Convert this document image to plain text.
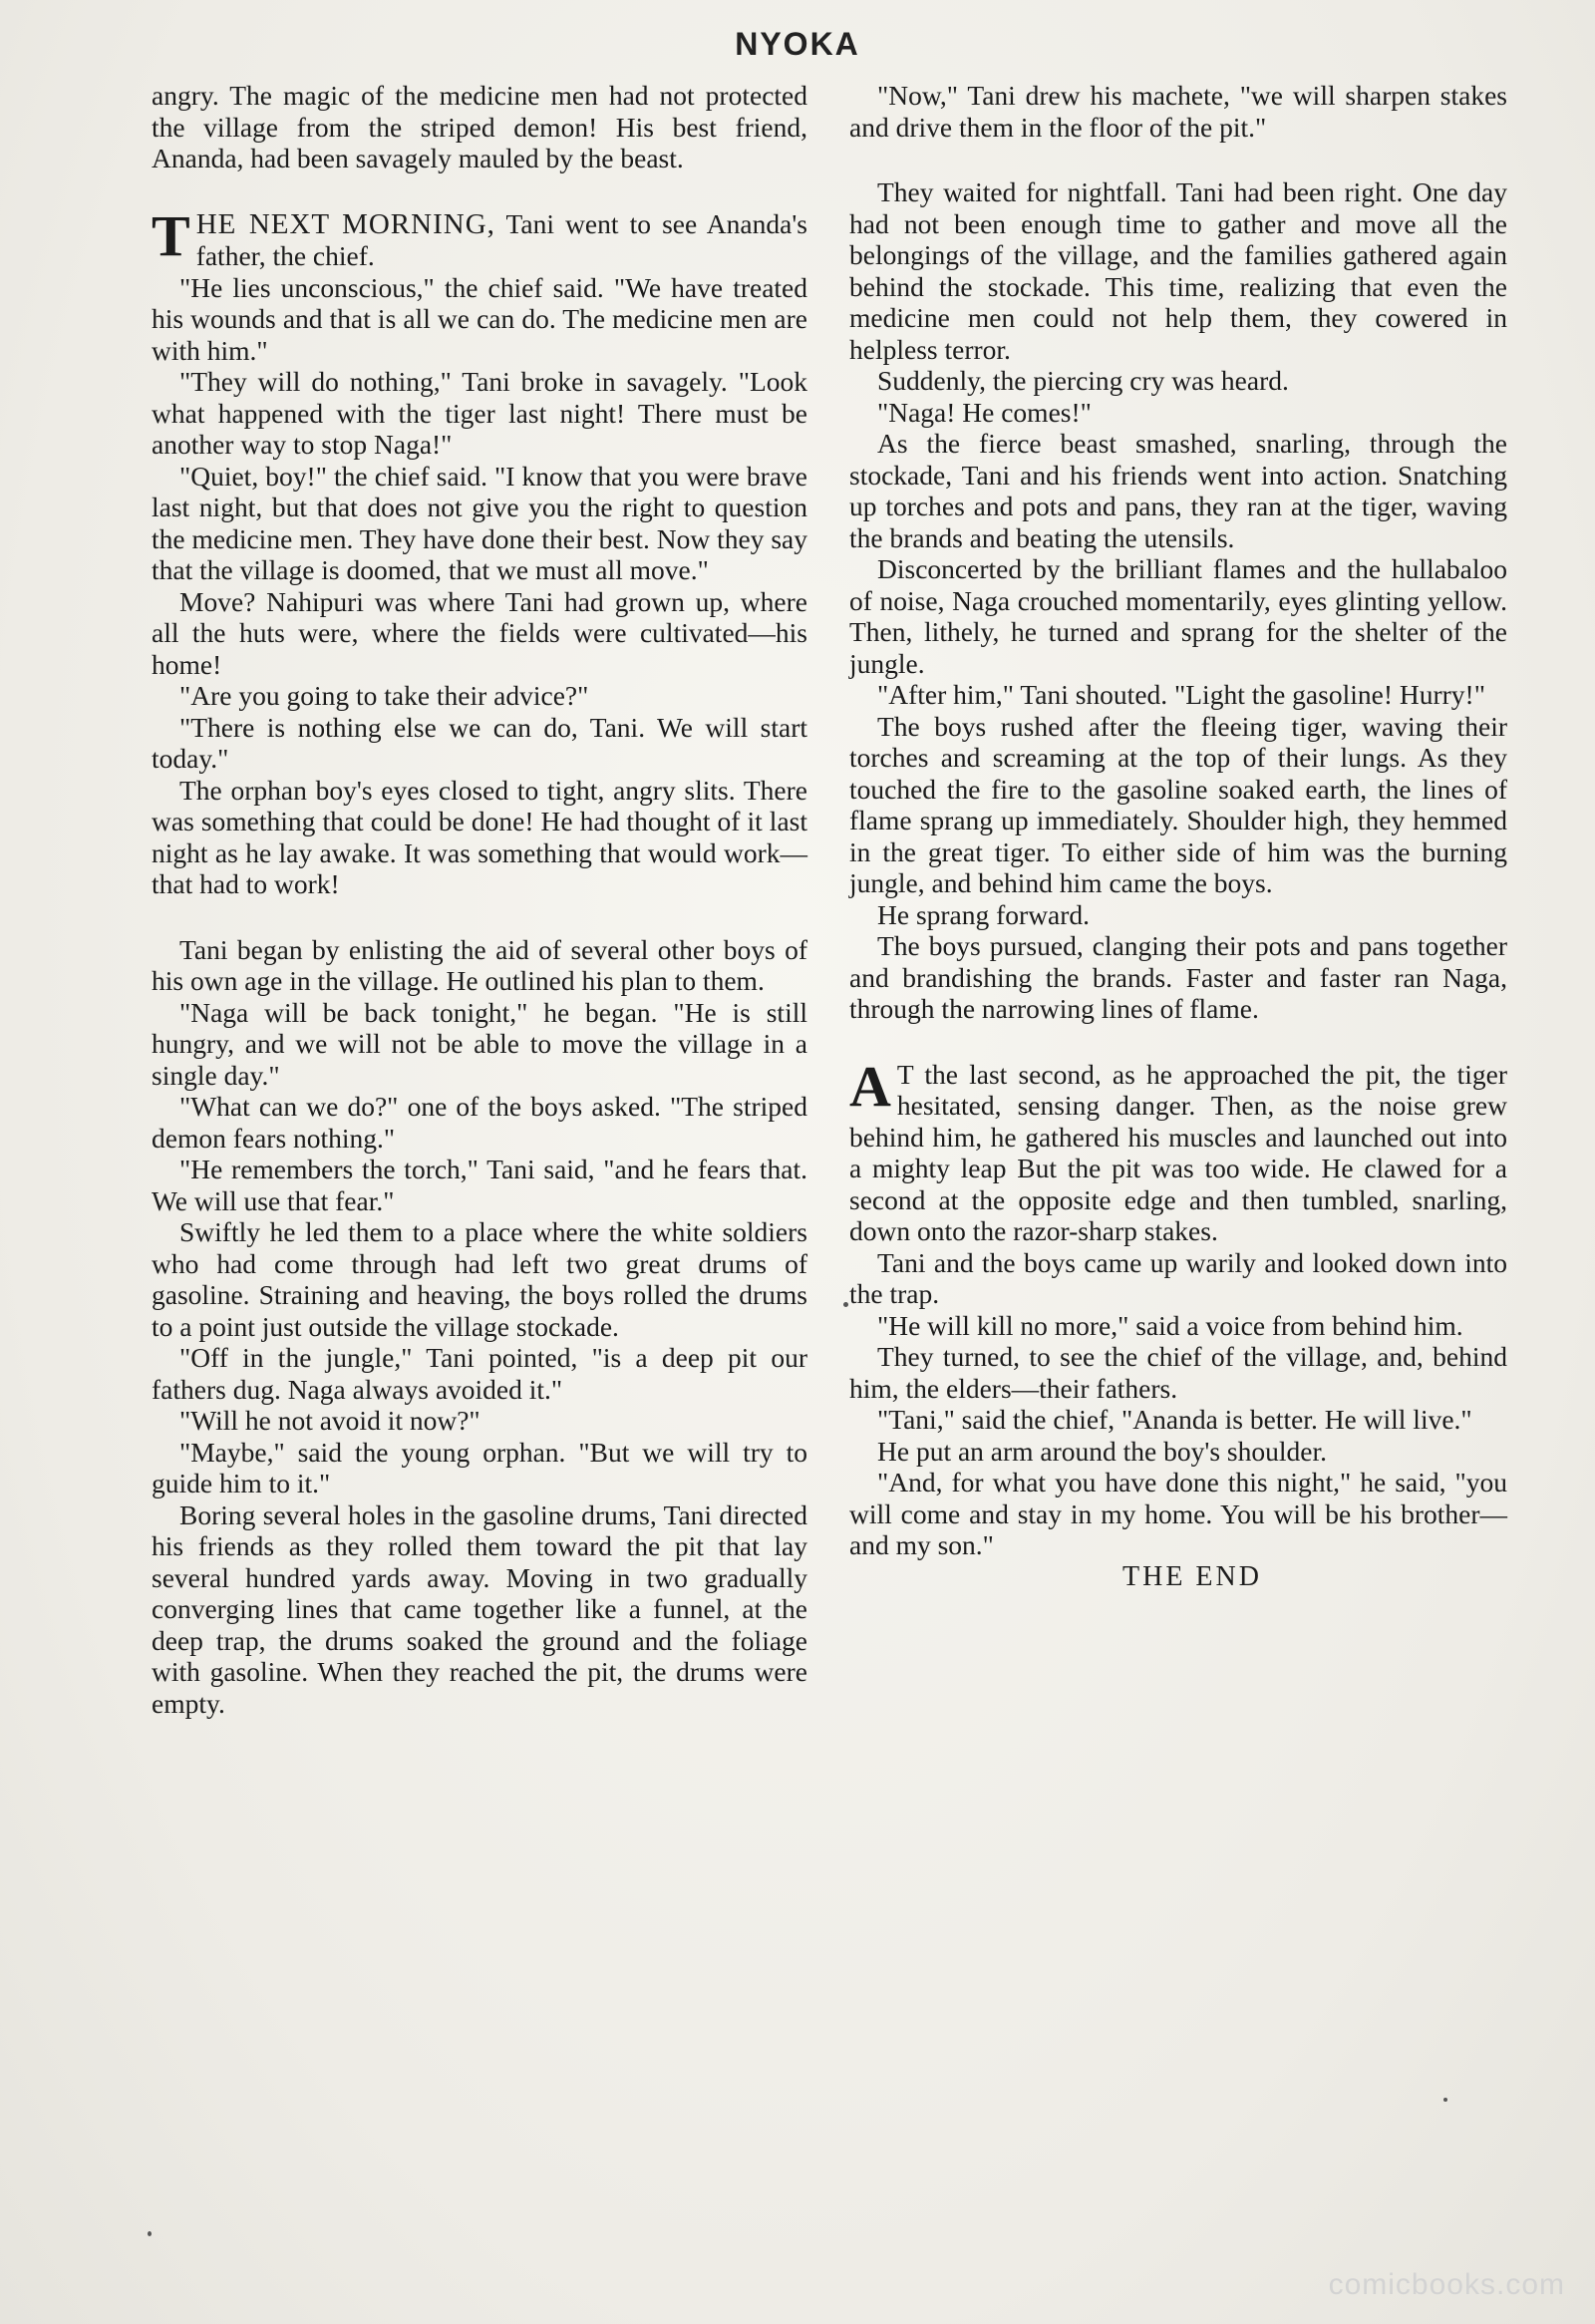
NYOKA

angry. The magic of the medicine men had not protected the village from the striped demon! His best friend, Ananda, had been savagely mauled by the beast.

THE NEXT MORNING, Tani went to see Ananda's father, the chief.

"He lies unconscious," the chief said. "We have treated his wounds and that is all we can do. The medicine men are with him."

"They will do nothing," Tani broke in savagely. "Look what happened with the tiger last night! There must be another way to stop Naga!"

"Quiet, boy!" the chief said. "I know that you were brave last night, but that does not give you the right to question the medicine men. They have done their best. Now they say that the village is doomed, that we must all move."

Move? Nahipuri was where Tani had grown up, where all the huts were, where the fields were cultivated—his home!

"Are you going to take their advice?"

"There is nothing else we can do, Tani. We will start today."

The orphan boy's eyes closed to tight, angry slits. There was something that could be done! He had thought of it last night as he lay awake. It was something that would work—that had to work!

Tani began by enlisting the aid of several other boys of his own age in the village. He outlined his plan to them.

"Naga will be back tonight," he began. "He is still hungry, and we will not be able to move the village in a single day."

"What can we do?" one of the boys asked. "The striped demon fears nothing."

"He remembers the torch," Tani said, "and he fears that. We will use that fear."

Swiftly he led them to a place where the white soldiers who had come through had left two great drums of gasoline. Straining and heaving, the boys rolled the drums to a point just outside the village stockade.

"Off in the jungle," Tani pointed, "is a deep pit our fathers dug. Naga always avoided it."

"Will he not avoid it now?"

"Maybe," said the young orphan. "But we will try to guide him to it."

Boring several holes in the gasoline drums, Tani directed his friends as they rolled them toward the pit that lay several hundred yards away. Moving in two gradually converging lines that came together like a funnel, at the deep trap, the drums soaked the ground and the foliage with gasoline. When they reached the pit, the drums were empty.

"Now," Tani drew his machete, "we will sharpen stakes and drive them in the floor of the pit."

They waited for nightfall. Tani had been right. One day had not been enough time to gather and move all the belongings of the village, and the families gathered again behind the stockade. This time, realizing that even the medicine men could not help them, they cowered in helpless terror.

Suddenly, the piercing cry was heard.

"Naga! He comes!"

As the fierce beast smashed, snarling, through the stockade, Tani and his friends went into action. Snatching up torches and pots and pans, they ran at the tiger, waving the brands and beating the utensils.

Disconcerted by the brilliant flames and the hullabaloo of noise, Naga crouched momentarily, eyes glinting yellow. Then, lithely, he turned and sprang for the shelter of the jungle.

"After him," Tani shouted. "Light the gasoline! Hurry!"

The boys rushed after the fleeing tiger, waving their torches and screaming at the top of their lungs. As they touched the fire to the gasoline soaked earth, the lines of flame sprang up immediately. Shoulder high, they hemmed in the great tiger. To either side of him was the burning jungle, and behind him came the boys.

He sprang forward.

The boys pursued, clanging their pots and pans together and brandishing the brands. Faster and faster ran Naga, through the narrowing lines of flame.

A T the last second, as he approached the pit, the tiger hesitated, sensing danger. Then, as the noise grew behind him, he gathered his muscles and launched out into a mighty leap But the pit was too wide. He clawed for a second at the opposite edge and then tumbled, snarling, down onto the razor-sharp stakes.

Tani and the boys came up warily and looked down into the trap.

"He will kill no more," said a voice from behind him.

They turned, to see the chief of the village, and, behind him, the elders—their fathers.

"Tani," said the chief, "Ananda is better. He will live."

He put an arm around the boy's shoulder.

"And, for what you have done this night," he said, "you will come and stay in my home. You will be his brother—and my son."

THE END

comicbooks.com
